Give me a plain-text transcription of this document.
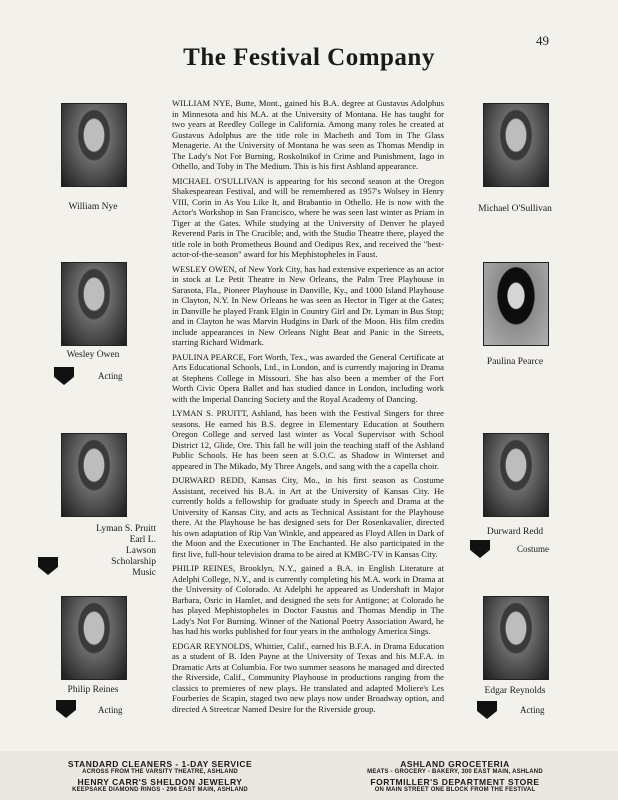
49
The Festival Company
William Nye
Wesley Owen
Acting
Lyman S. Pruitt
Earl L.
Lawson
Scholarship
Music
Philip Reines
Acting

WILLIAM NYE, Butte, Mont., gained his B.A. degree at Gustavus Adolphus in Minnesota and his M.A. at the University of Montana. He has taught for two years at Reedley College in California. Among many roles he created at Gustavus Adolphus are the title role in Macbeth and Tom in The Glass Menagerie. At the University of Montana he was seen as Thomas Mendip in The Lady's Not For Burning, Roskolnikof in Crime and Punishment, Iago in Othello, and Toby in The Medium. This is his first Ashland appearance.

MICHAEL O'SULLIVAN is appearing for his second season at the Oregon Shakespearean Festival, and will be remembered as 1957's Wolsey in Henry VIII, Corin in As You Like It, and Brabantio in Othello. He is now with the Actor's Workshop in San Francisco, where he was seen last winter as Priam in Tiger at the Gates. While studying at the University of Denver he played Reverend Paris in The Crucible; and, with the Studio Theatre there, played the title role in both Prometheus Bound and Oedipus Rex, and received the "best-actor-of-the-season" award for his Mephistopheles in Faust.

WESLEY OWEN, of New York City, has had extensive experience as an actor in stock at Le Petit Theatre in New Orleans, the Palm Tree Playhouse in Sarasota, Fla., Pioneer Playhouse in Danville, Ky., and 1000 Island Playhouse in Clayton, N.Y. In New Orleans he was seen as Hector in Tiger at the Gates; in Danville he played Frank Elgin in Country Girl and Dr. Lyman in Bus Stop; and in Clayton he was Marvin Hudgins in Dark of the Moon. His film credits include appearances in New Orleans Night Beat and Panic in the Streets, starring Richard Widmark.

PAULINA PEARCE, Fort Worth, Tex., was awarded the General Certificate at Arts Educational Schools, Ltd., in London, and is currently majoring in Drama at Stephens College in Missouri. She has also been a member of the Fort Worth Civic Opera Ballet and has studied dance in London, including work with the Imperial Dancing Society and the Royal Academy of Dancing.

LYMAN S. PRUITT, Ashland, has been with the Festival Singers for three seasons. He earned his B.S. degree in Elementary Education at Southern Oregon College and served last winter as Vocal Supervisor with School District 12, Glide, Ore. This fall he will join the teaching staff of the Ashland Public Schools. He has been seen at S.O.C. as Shadow in Winterset and appeared in The Mikado, My Three Angels, and sang with the a capella choir.

DURWARD REDD, Kansas City, Mo., in his first season as Costume Assistant, received his B.A. in Art at the University of Kansas City. He currently holds a fellowship for graduate study in Speech and Drama at the University of Kansas City, and acts as Technical Assistant for the Playhouse there. At the Playhouse he has designed sets for Der Rosenkavalier, directed his own adaptation of Rip Van Winkle, and appeared as Floyd Allen in Dark of the Moon and the Executioner in The Enchanted. He also participated in the first live, full-hour television drama to be aired at KMBC-TV in Kansas City.

PHILIP REINES, Brooklyn, N.Y., gained a B.A. in English Literature at Adelphi College, N.Y., and is currently completing his M.A. work in Drama at the University of Colorado. At Adelphi he appeared as Undershaft in Major Barbara, Osric in Hamlet, and designed the sets for Antigone; at Colorado he has played Mephistopheles in Doctor Faustus and Thomas Mendip in The Lady's Not For Burning. Winner of the National Poetry Association Award, he has had his works published for four years in the anthology America Sings.

EDGAR REYNOLDS, Whittier, Calif., earned his B.F.A. in Drama Education as a student of B. Iden Payne at the University of Texas and his M.F.A. in Dramatic Arts at Columbia. For two summer seasons he managed and directed the Riverside, Calif., Community Playhouse in productions ranging from the classics to premieres of new plays. He translated and adapted Moliere's Les Fourberies de Scapin, staged two new plays now under Broadway option, and directed A Streetcar Named Desire for the Riverside group.

Michael O'Sullivan
Paulina Pearce
Durward Redd
Costume
Edgar Reynolds
Acting
STANDARD CLEANERS - 1-DAY SERVICE
ACROSS FROM THE VARSITY THEATRE, ASHLAND
ASHLAND GROCETERIA
MEATS - GROCERY - BAKERY, 300 EAST MAIN, ASHLAND
HENRY CARR'S SHELDON JEWELRY
KEEPSAKE DIAMOND RINGS - 296 EAST MAIN, ASHLAND
FORTMILLER'S DEPARTMENT STORE
ON MAIN STREET ONE BLOCK FROM THE FESTIVAL
